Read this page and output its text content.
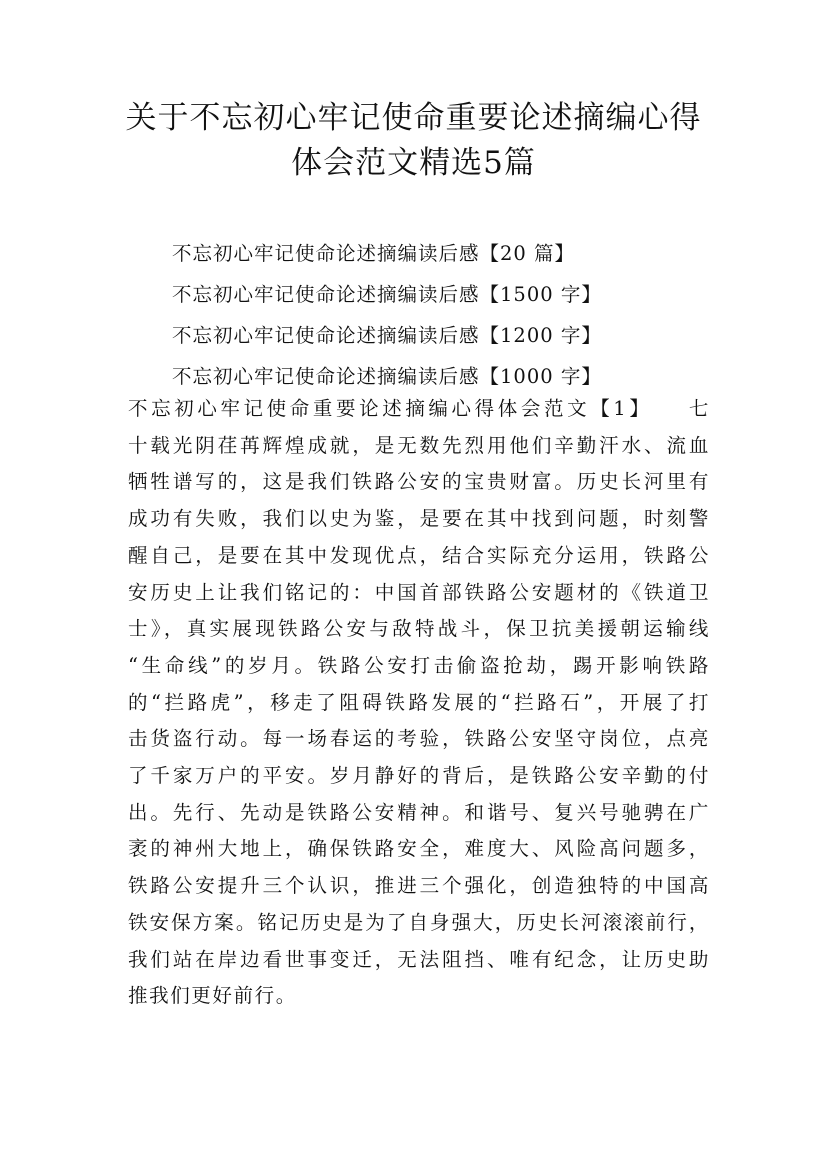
关于不忘初心牢记使命重要论述摘编心得
体会范文精选5篇
不忘初心牢记使命论述摘编读后感【20 篇】
不忘初心牢记使命论述摘编读后感【1500 字】
不忘初心牢记使命论述摘编读后感【1200 字】
不忘初心牢记使命论述摘编读后感【1000 字】
不忘初心牢记使命重要论述摘编心得体会范文【1】　　七
十载光阴荏苒辉煌成就，是无数先烈用他们辛勤汗水、流血
牺牲谱写的，这是我们铁路公安的宝贵财富。历史长河里有
成功有失败，我们以史为鉴，是要在其中找到问题，时刻警
醒自己，是要在其中发现优点，结合实际充分运用，铁路公
安历史上让我们铭记的：中国首部铁路公安题材的《铁道卫
士》，真实展现铁路公安与敌特战斗，保卫抗美援朝运输线
“生命线”的岁月。铁路公安打击偷盗抢劫，踢开影响铁路
的“拦路虎”，移走了阻碍铁路发展的“拦路石”，开展了打
击货盗行动。每一场春运的考验，铁路公安坚守岗位，点亮
了千家万户的平安。岁月静好的背后，是铁路公安辛勤的付
出。先行、先动是铁路公安精神。和谐号、复兴号驰骋在广
袤的神州大地上，确保铁路安全，难度大、风险高问题多，
铁路公安提升三个认识，推进三个强化，创造独特的中国高
铁安保方案。铭记历史是为了自身强大，历史长河滚滚前行，
我们站在岸边看世事变迁，无法阻挡、唯有纪念，让历史助
推我们更好前行。
